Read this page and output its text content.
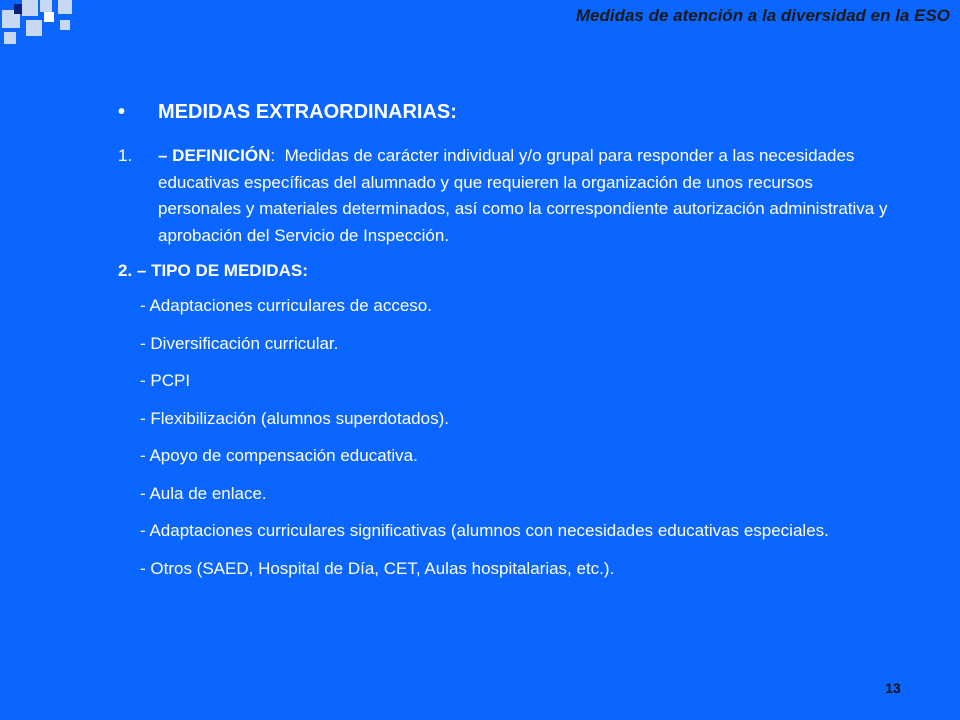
Medidas de atención a la diversidad en la ESO
•	MEDIDAS EXTRAORDINARIAS:
1.	– DEFINICIÓN:  Medidas de carácter individual y/o grupal para responder a las necesidades educativas específicas del alumnado y que requieren la organización de unos recursos personales y materiales determinados, así como la correspondiente autorización administrativa y aprobación del Servicio de Inspección.
2. – TIPO DE MEDIDAS:
- Adaptaciones curriculares de acceso.
- Diversificación curricular.
- PCPI
- Flexibilización (alumnos superdotados).
- Apoyo de compensación educativa.
- Aula de enlace.
- Adaptaciones curriculares significativas (alumnos con necesidades educativas especiales.
- Otros (SAED, Hospital de Día, CET, Aulas hospitalarias, etc.).
13
